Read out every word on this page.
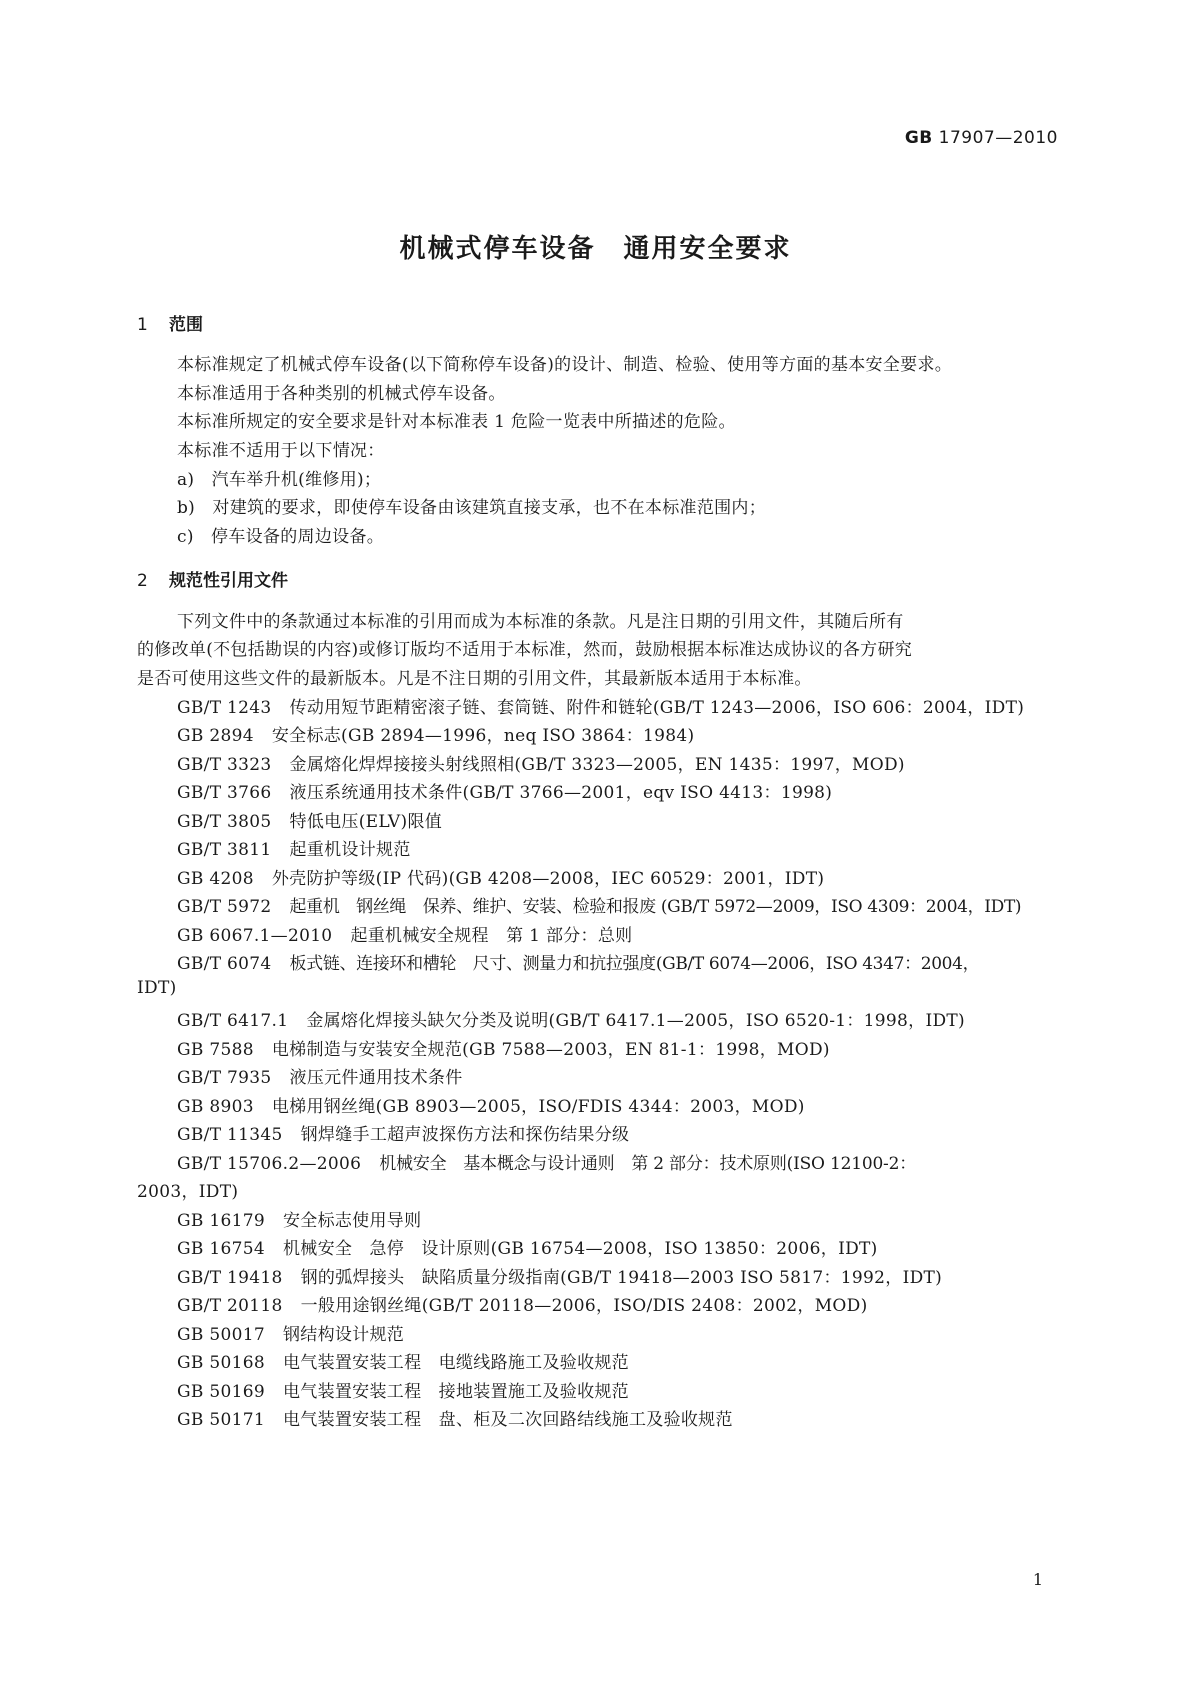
GB 17907—2010
机械式停车设备　通用安全要求
1 范围
本标准规定了机械式停车设备(以下简称停车设备)的设计、制造、检验、使用等方面的基本安全要求。
本标准适用于各种类别的机械式停车设备。
本标准所规定的安全要求是针对本标准表 1 危险一览表中所描述的危险。
本标准不适用于以下情况：
a)　汽车举升机(维修用)；
b)　对建筑的要求，即使停车设备由该建筑直接支承，也不在本标准范围内；
c)　停车设备的周边设备。
2 规范性引用文件
下列文件中的条款通过本标准的引用而成为本标准的条款。凡是注日期的引用文件，其随后所有
的修改单(不包括勘误的内容)或修订版均不适用于本标准，然而，鼓励根据本标准达成协议的各方研究
是否可使用这些文件的最新版本。凡是不注日期的引用文件，其最新版本适用于本标准。
GB/T 1243 传动用短节距精密滚子链、套筒链、附件和链轮(GB/T 1243—2006，ISO 606：2004，IDT)
GB 2894 安全标志(GB 2894—1996，neq ISO 3864：1984)
GB/T 3323 金属熔化焊焊接接头射线照相(GB/T 3323—2005，EN 1435：1997，MOD)
GB/T 3766 液压系统通用技术条件(GB/T 3766—2001，eqv ISO 4413：1998)
GB/T 3805 特低电压(ELV)限值
GB/T 3811 起重机设计规范
GB 4208 外壳防护等级(IP 代码)(GB 4208—2008，IEC 60529：2001，IDT)
GB/T 5972 起重机　钢丝绳　保养、维护、安装、检验和报废 (GB/T 5972—2009，ISO 4309：2004，IDT)
GB 6067.1—2010 起重机械安全规程　第 1 部分：总则
GB/T 6074 板式链、连接环和槽轮　尺寸、测量力和抗拉强度(GB/T 6074—2006，ISO 4347：2004，
IDT)
GB/T 6417.1 金属熔化焊接头缺欠分类及说明(GB/T 6417.1—2005，ISO 6520-1：1998，IDT)
GB 7588 电梯制造与安装安全规范(GB 7588—2003，EN 81-1：1998，MOD)
GB/T 7935 液压元件通用技术条件
GB 8903 电梯用钢丝绳(GB 8903—2005，ISO/FDIS 4344：2003，MOD)
GB/T 11345 钢焊缝手工超声波探伤方法和探伤结果分级
GB/T 15706.2—2006 机械安全　基本概念与设计通则　第 2 部分：技术原则(ISO 12100-2：
2003，IDT)
GB 16179 安全标志使用导则
GB 16754 机械安全　急停　设计原则(GB 16754—2008，ISO 13850：2006，IDT)
GB/T 19418 钢的弧焊接头　缺陷质量分级指南(GB/T 19418—2003 ISO 5817：1992，IDT)
GB/T 20118 一般用途钢丝绳(GB/T 20118—2006，ISO/DIS 2408：2002，MOD)
GB 50017 钢结构设计规范
GB 50168 电气装置安装工程　电缆线路施工及验收规范
GB 50169 电气装置安装工程　接地装置施工及验收规范
GB 50171 电气装置安装工程　盘、柜及二次回路结线施工及验收规范
1
